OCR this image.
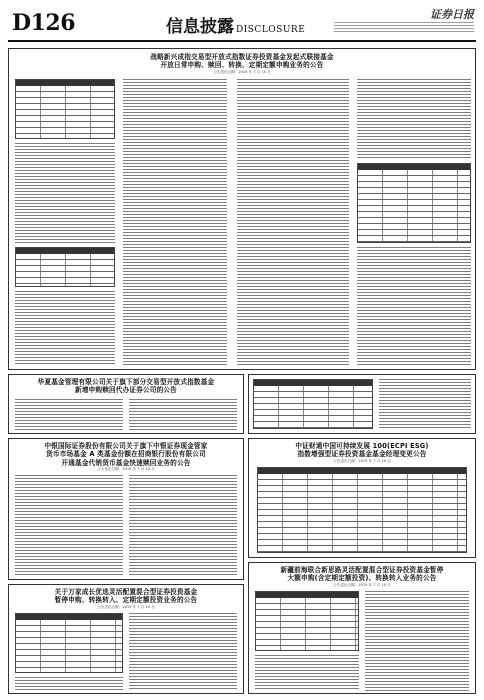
D126	信息披露 DISCLOSURE
证券日报
战略新兴成指交易型开放式指数证券投资基金发起式联接基金
开放日常申购、赎回、转换、定期定额申购业务的公告
公告送出日期：2019 年 7 月 10 日
华夏基金管理有限公司关于旗下部分交易型开放式指数基金
新增申购赎回代办证券公司的公告
中银国际证券股份有限公司关于旗下中银证券现金管家
货币市场基金 A 类基金份额在招商银行股份有限公司
开通基金代销货币基金快速赎回业务的公告
公告送出日期：2019 年 7 月 10 日
中证财通中国可持续发展 100(ECPI ESG)
指数增强型证券投资基金基金经理变更公告
公告送出日期：2019 年 7 月 10 日
关于万家成长优选灵活配置混合型证券投资基金
暂停申购、转换转入、定期定额投资业务的公告
公告送出日期：2019 年 7 月 10 日
新疆前海联合新思路灵活配置混合型证券投资基金暂停
大额申购(含定期定额投资)、转换转入业务的公告
公告送出日期：2019 年 7 月 10 日
